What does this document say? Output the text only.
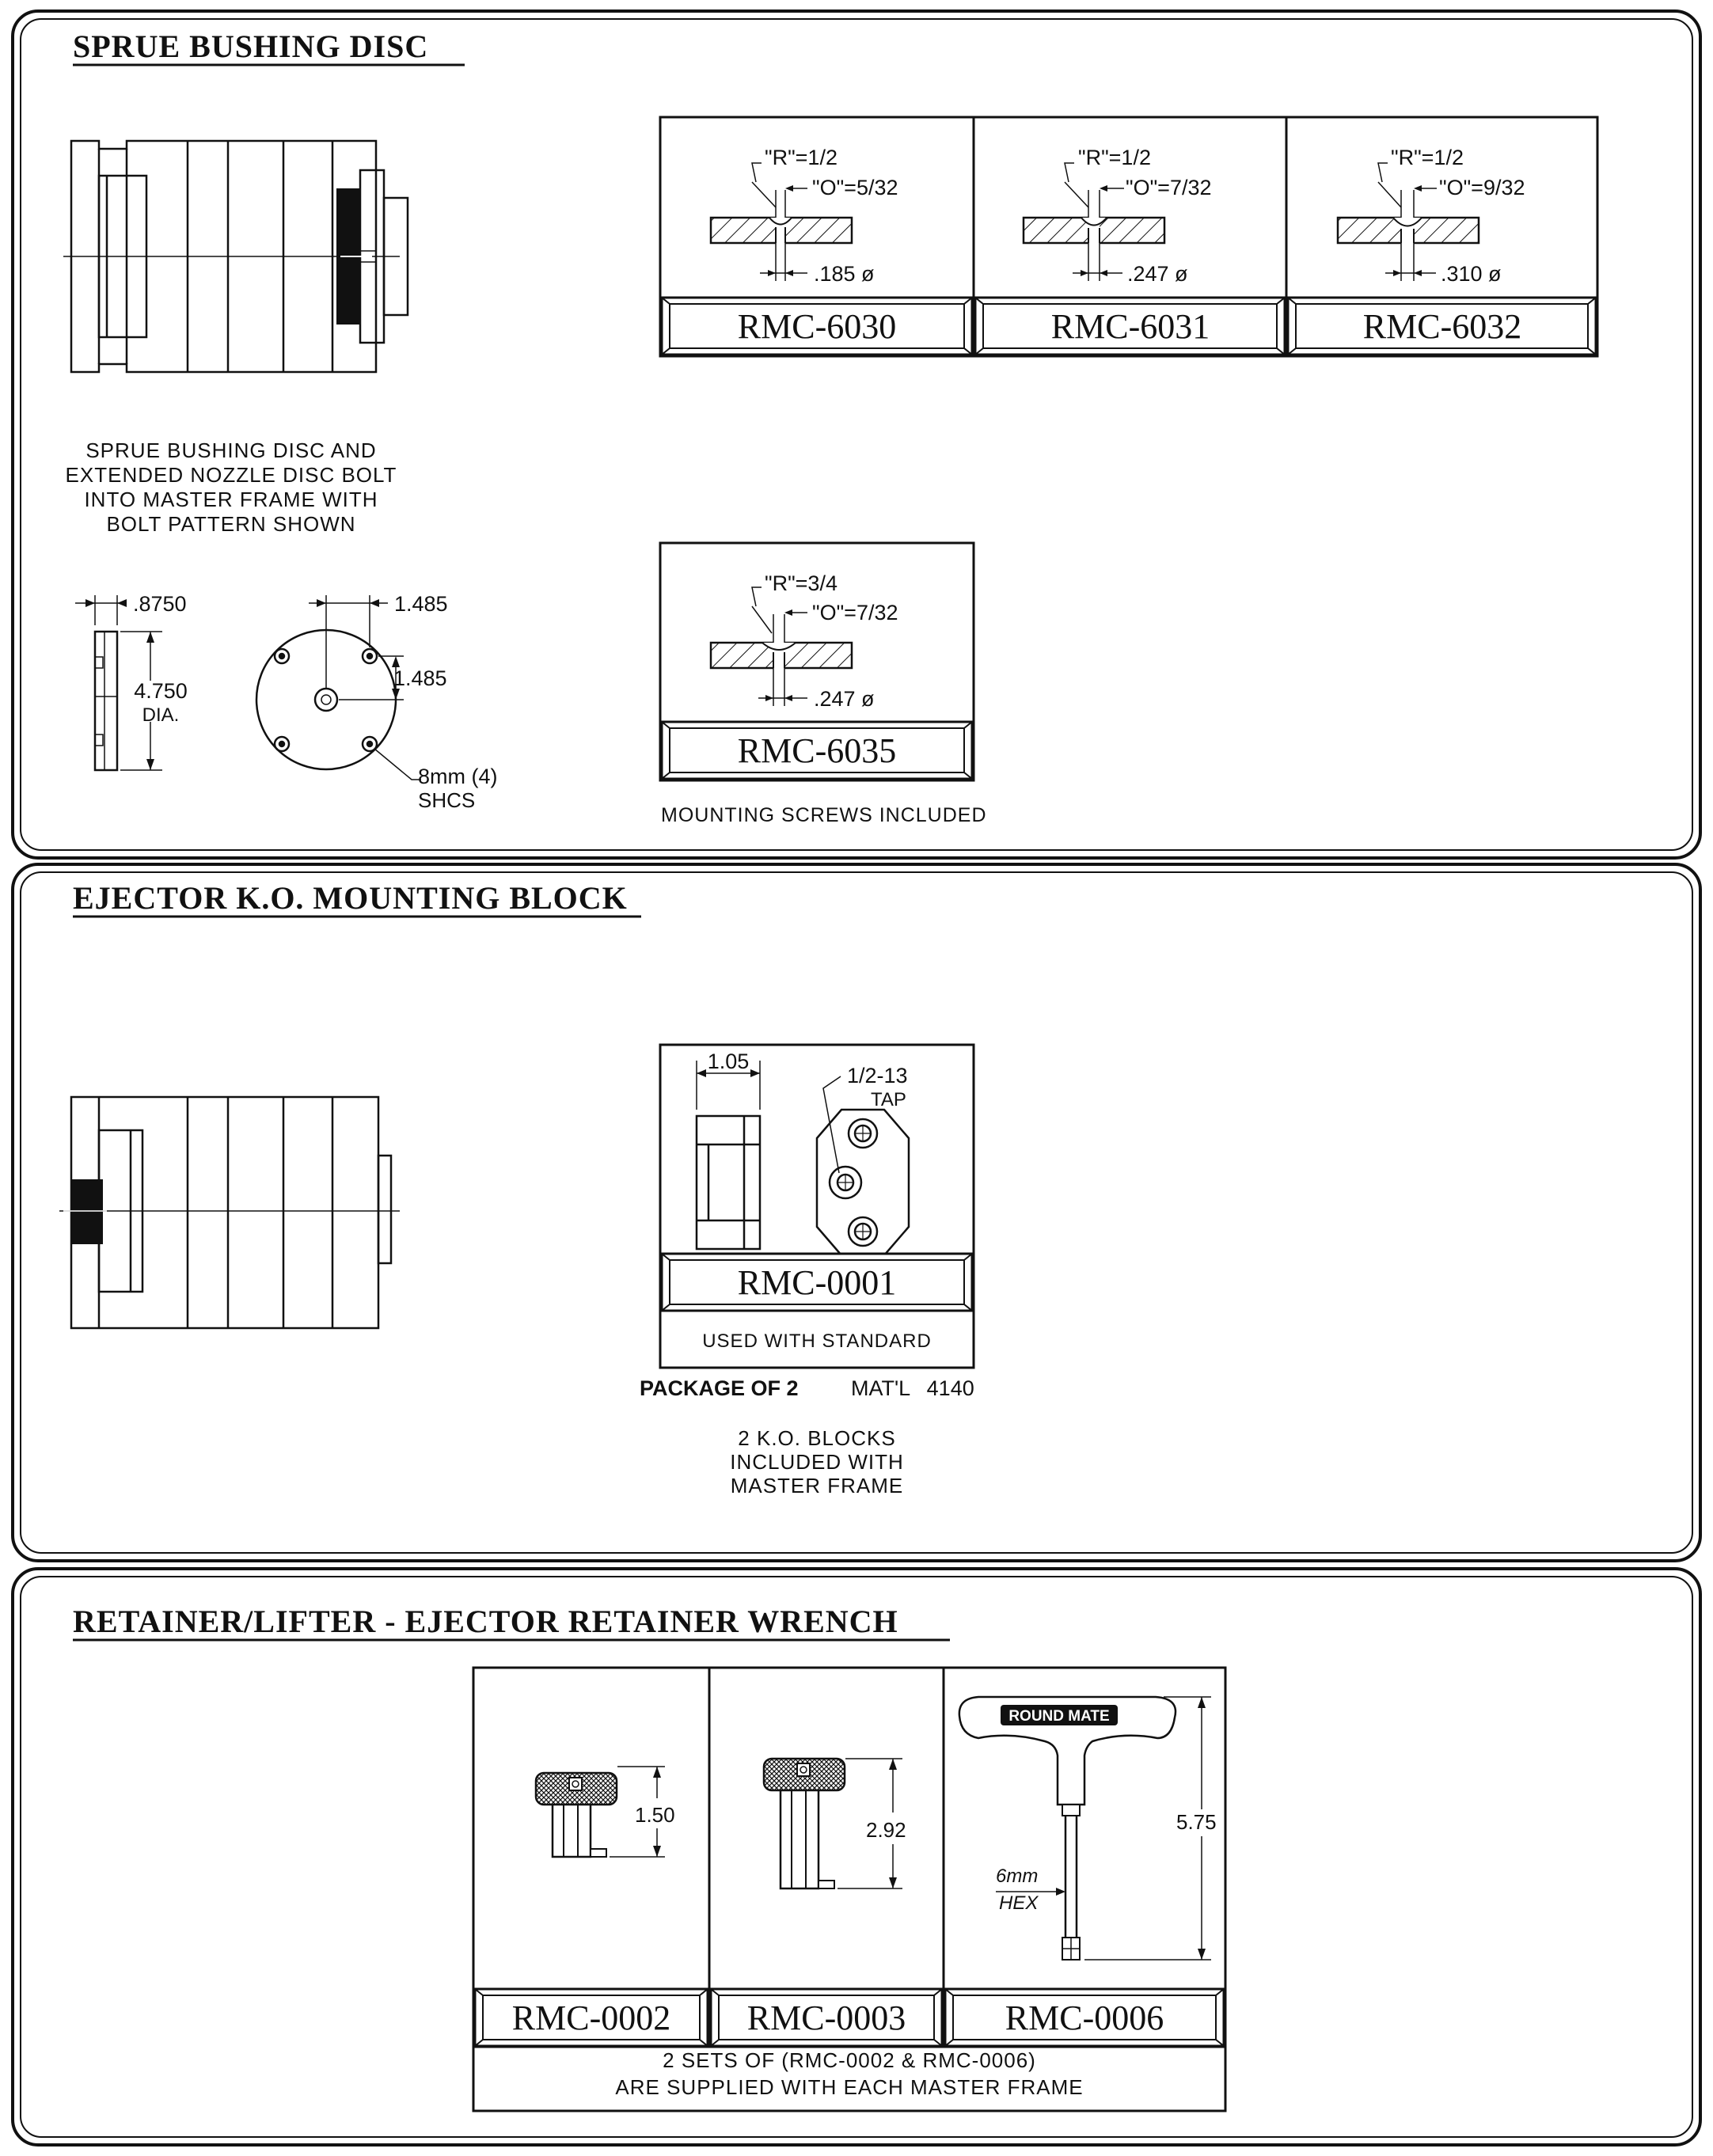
SPRUE BUSHING DISC
SPRUE BUSHING DISC AND
EXTENDED NOZZLE DISC BOLT
INTO MASTER FRAME WITH
BOLT PATTERN SHOWN
.8750
4.750
DIA.
1.485
1.485
8mm (4)
SHCS
"R"=1/2
"O"=5/32
.185 ø
RMC-6030
"R"=1/2
"O"=7/32
.247 ø
RMC-6031
"R"=1/2
"O"=9/32
.310 ø
RMC-6032
"R"=3/4
"O"=7/32
.247 ø
RMC-6035
MOUNTING SCREWS INCLUDED
EJECTOR K.O. MOUNTING BLOCK
1.05
1/2-13
TAP
RMC-0001
USED WITH STANDARD
PACKAGE OF 2 MAT'L 4140
2 K.O. BLOCKS
INCLUDED WITH
MASTER FRAME
RETAINER/LIFTER - EJECTOR RETAINER WRENCH
1.50
RMC-0002
2.92
RMC-0003
ROUND MATE
5.75
6mm
HEX
RMC-0006
2 SETS OF (RMC-0002 & RMC-0006)
ARE SUPPLIED WITH EACH MASTER FRAME
